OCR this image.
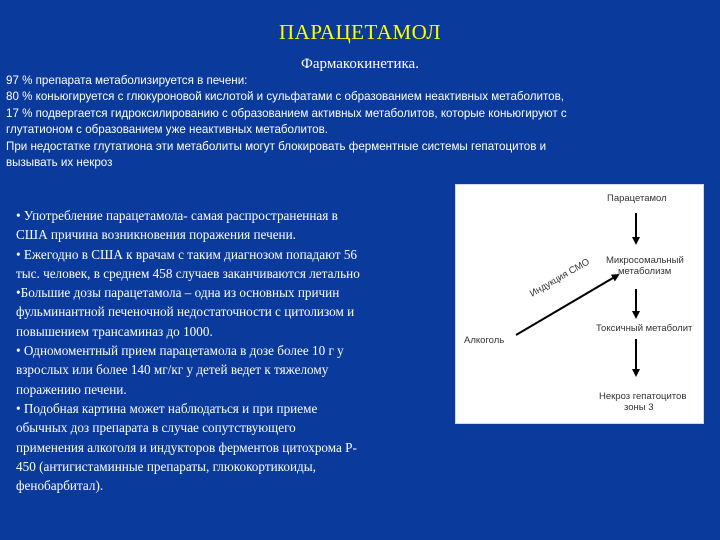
ПАРАЦЕТАМОЛ
Фармакокинетика.
97 % препарата метаболизируется в печени:
80 % коньюгируется с глюкуроновой кислотой и сульфатами с образованием неактивных метаболитов,
17 % подвергается гидроксилированию с образованием активных метаболитов, которые коньюгируют с
глутатионом с образованием уже неактивных метаболитов.
При недостатке глутатиона эти метаболиты могут блокировать ферментные системы гепатоцитов и
вызывать их некроз
• Употребление парацетамола- самая распространенная в
США причина возникновения поражения печени.
• Ежегодно в США к врачам с таким диагнозом попадают 56
тыс. человек, в среднем 458 случаев заканчиваются летально
•Большие дозы парацетамола – одна из основных причин
фульминантной печеночной недостаточности с цитолизом и
повышением трансаминаз до 1000.
• Одномоментный прием парацетамола в дозе более 10 г у
взрослых или более 140 мг/кг у детей ведет к тяжелому
поражению печени.
• Подобная картина может наблюдаться и при приеме
обычных доз препарата в случае сопутствующего
применения алкоголя и индукторов ферментов цитохрома Р-
450 (антигистаминные препараты, глюкокортикоиды,
фенобарбитал).
Парацетамол
Микросомальный
метаболизм
Индукция СМО
Алкоголь
Токсичный метаболит
Некроз гепатоцитов
зоны 3
